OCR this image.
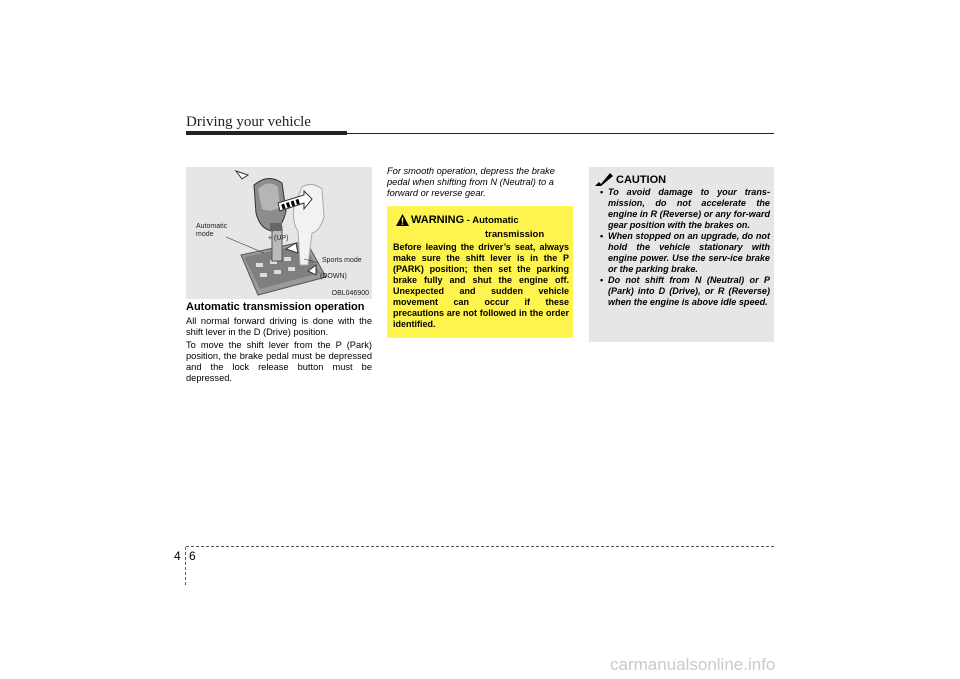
Driving your vehicle
Automatic
mode
+ (UP)
Sports mode
(DOWN)
OBL046900
Automatic transmission operation
All normal forward driving is done with the shift lever in the D (Drive) position.
To move the shift lever from the P (Park) position, the brake pedal must be depressed and the lock release button must be depressed.
For smooth operation, depress the brake pedal when shifting from N (Neutral) to a forward or reverse gear.
WARNING - Automatic
transmission
Before leaving the driver’s seat, always make sure the shift lever is in the P (PARK) position; then set the parking brake fully and shut the engine off. Unexpected and sudden vehicle movement can occur if these precautions are not followed in the order identified.
CAUTION
• To avoid damage to your trans-mission, do not accelerate the engine in R (Reverse) or any for-ward gear position with the brakes on.
• When stopped on an upgrade, do not hold the vehicle stationary with engine power. Use the serv-ice brake or the parking brake.
• Do not shift from N (Neutral) or P (Park) into D (Drive), or R (Reverse) when the engine is above idle speed.
4 6
carmanualsonline.info
